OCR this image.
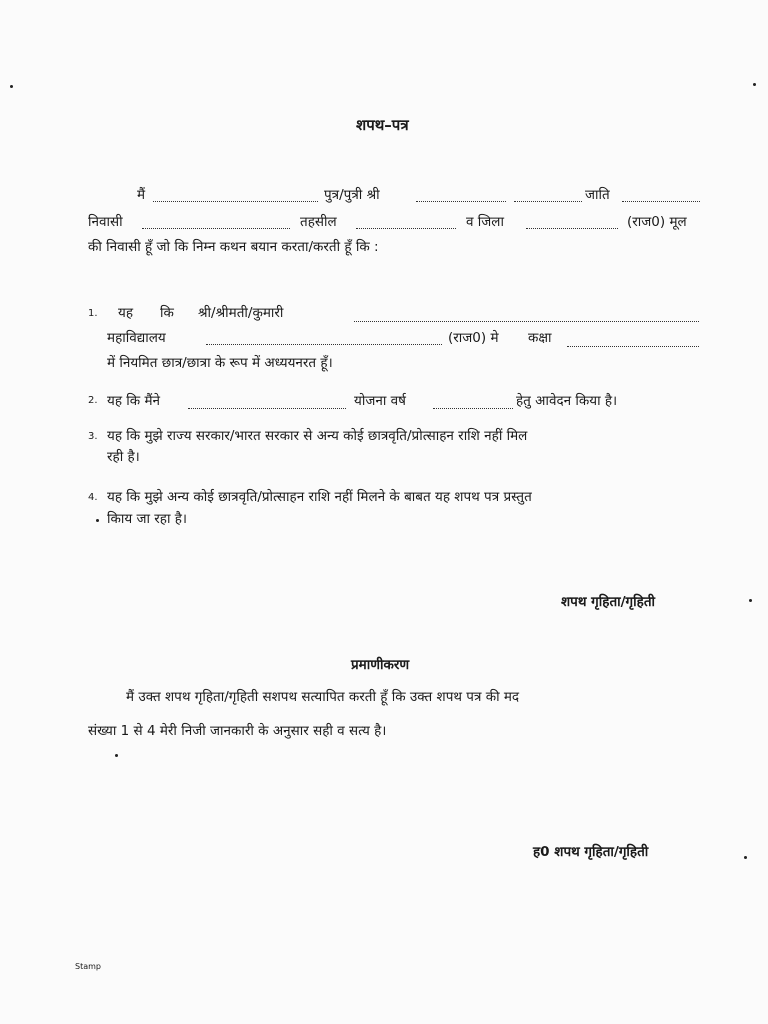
शपथ–पत्र
मैं	पुत्र/पुत्री श्री	जाति
निवासी	तहसील	व जिला	(राज0) मूल
की निवासी हूँ जो कि निम्न कथन बयान करता/करती हूँ कि :
1. यह कि श्री/श्रीमती/कुमारी
महाविद्यालय	(राज0) मे कक्षा
में नियमित छात्र/छात्रा के रूप में अध्ययनरत हूँ।
2. यह कि मैंने	योजना वर्ष	हेतु आवेदन किया है।
3. यह कि मुझे राज्य सरकार/भारत सरकार से अन्य कोई छात्रवृति/प्रोत्साहन राशि नहीं मिल
रही है।
4. यह कि मुझे अन्य कोई छात्रवृति/प्रोत्साहन राशि नहीं मिलने के बाबत यह शपथ पत्र प्रस्तुत
किाय जा रहा है।
शपथ गृहिता/गृहिती
प्रमाणीकरण
मैं उक्त शपथ गृहिता/गृहिती सशपथ सत्यापित करती हूँ कि उक्त शपथ पत्र की मद
संख्या 1 से 4 मेरी निजी जानकारी के अनुसार सही व सत्य है।
ह0 शपथ गृहिता/गृहिती
Stamp
